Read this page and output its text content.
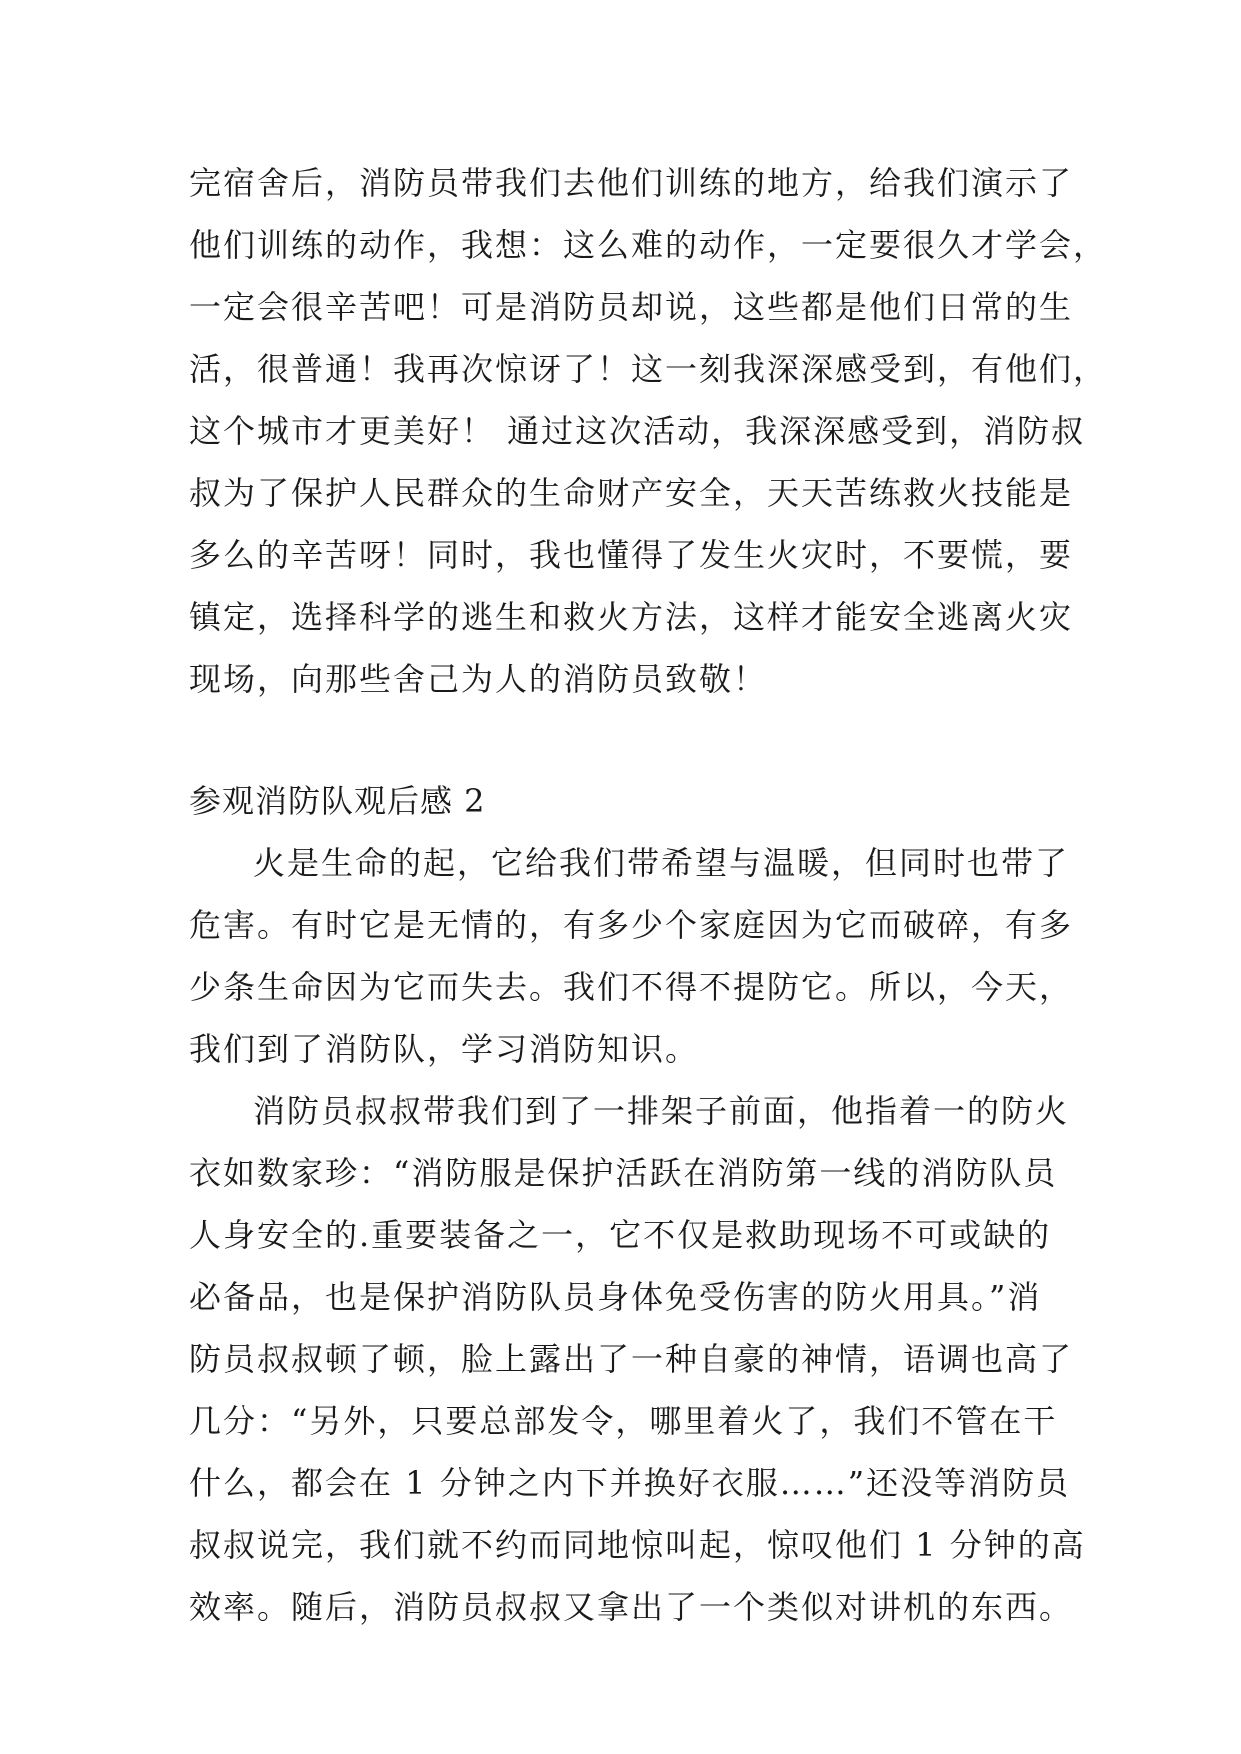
完宿舍后，消防员带我们去他们训练的地方，给我们演示了
他们训练的动作，我想：这么难的动作，一定要很久才学会，
一定会很辛苦吧！可是消防员却说，这些都是他们日常的生
活，很普通！我再次惊讶了！这一刻我深深感受到，有他们，
这个城市才更美好！ 通过这次活动，我深深感受到，消防叔
叔为了保护人民群众的生命财产安全，天天苦练救火技能是
多么的辛苦呀！同时，我也懂得了发生火灾时，不要慌，要
镇定，选择科学的逃生和救火方法，这样才能安全逃离火灾
现场，向那些舍己为人的消防员致敬！
参观消防队观后感 2
火是生命的起，它给我们带希望与温暖，但同时也带了
危害。有时它是无情的，有多少个家庭因为它而破碎，有多
少条生命因为它而失去。我们不得不提防它。所以，今天，
我们到了消防队，学习消防知识。
消防员叔叔带我们到了一排架子前面，他指着一的防火
衣如数家珍：“消防服是保护活跃在消防第一线的消防队员
人身安全的.重要装备之一，它不仅是救助现场不可或缺的
必备品，也是保护消防队员身体免受伤害的防火用具。”消
防员叔叔顿了顿，脸上露出了一种自豪的神情，语调也高了
几分：“另外，只要总部发令，哪里着火了，我们不管在干
什么，都会在 1 分钟之内下并换好衣服……”还没等消防员
叔叔说完，我们就不约而同地惊叫起，惊叹他们 1 分钟的高
效率。随后，消防员叔叔又拿出了一个类似对讲机的东西。
